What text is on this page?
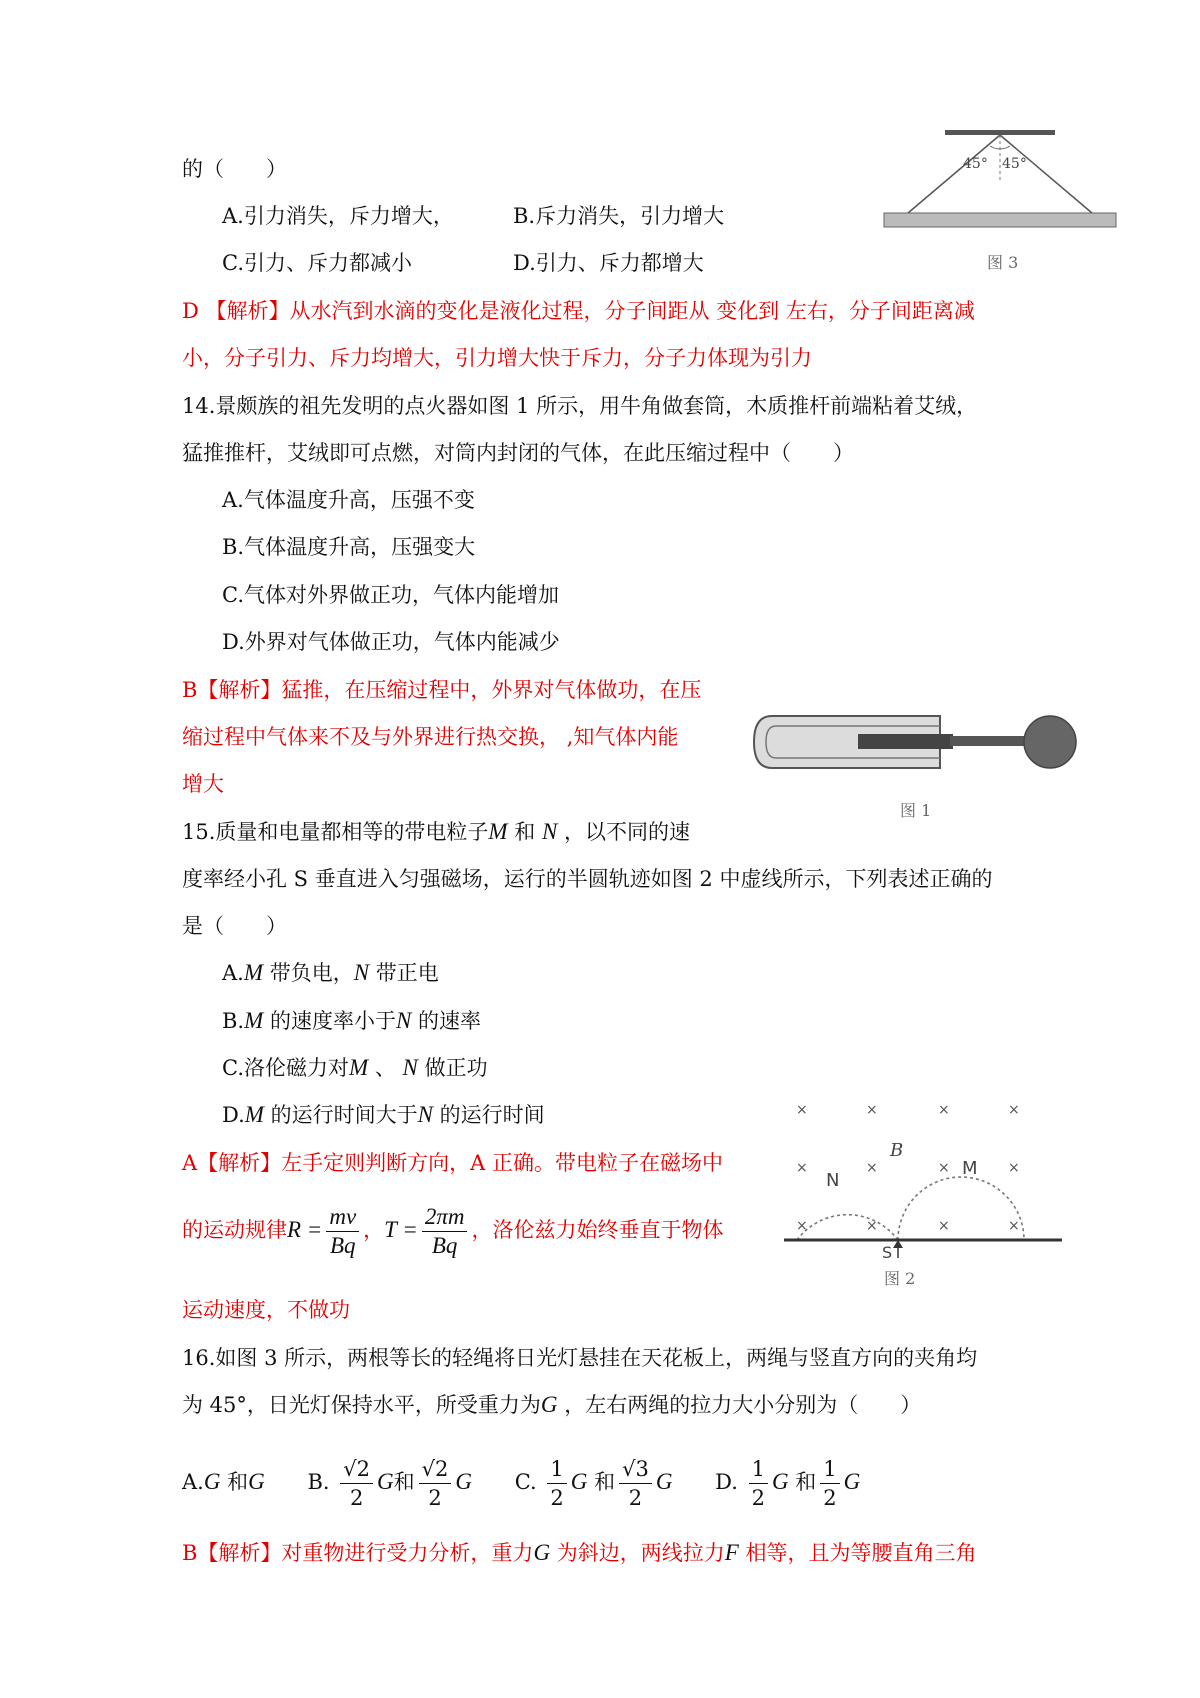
45° 45°
图 3
的（　　）
A.引力消失，斥力增大，	B.斥力消失，引力增大
C.引力、斥力都减小	D.引力、斥力都增大
D 【解析】从水汽到水滴的变化是液化过程，分子间距从 变化到 左右，分子间距离减
小，分子引力、斥力均增大，引力增大快于斥力，分子力体现为引力
14.景颇族的祖先发明的点火器如图 1 所示，用牛角做套筒，木质推杆前端粘着艾绒，
猛推推杆，艾绒即可点燃，对筒内封闭的气体，在此压缩过程中（　　）
A.气体温度升高，压强不变
B.气体温度升高，压强变大
C.气体对外界做正功，气体内能增加
D.外界对气体做正功，气体内能减少
B【解析】猛推，在压缩过程中，外界对气体做功，在压
缩过程中气体来不及与外界进行热交换， ,知气体内能
增大
图 1
15.质量和电量都相等的带电粒子M 和 N ，以不同的速
度率经小孔 S 垂直进入匀强磁场，运行的半圆轨迹如图 2 中虚线所示，下列表述正确的
是（　　）
A.M 带负电，N 带正电
B.M 的速度率小于N 的速率
C.洛伦磁力对M 、 N 做正功
D.M 的运行时间大于N 的运行时间
A【解析】左手定则判断方向，A 正确。带电粒子在磁场中
的运动规律$R = \frac{mv}{Bq}$ ，$T = \frac{2\pi m}{Bq}$ ，洛伦兹力始终垂直于物体
运动速度，不做功
×	×	×	×
×	×	×	×
×	×	×	×
N
M
B
S
图 2
16.如图 3 所示，两根等长的轻绳将日光灯悬挂在天花板上，两绳与竖直方向的夹角均
为 45°，日光灯保持水平，所受重力为G ，左右两绳的拉力大小分别为（　　）
A.G 和G B. $\frac{√2}{2}$ G和 $\frac{√2}{2}$ G C. $\frac{1}{2}$ G 和 $\frac{√3}{2}$ G D. $\frac{1}{2}$ G 和 $\frac{1}{2}$ G
B【解析】对重物进行受力分析，重力G 为斜边，两线拉力F 相等，且为等腰直角三角
